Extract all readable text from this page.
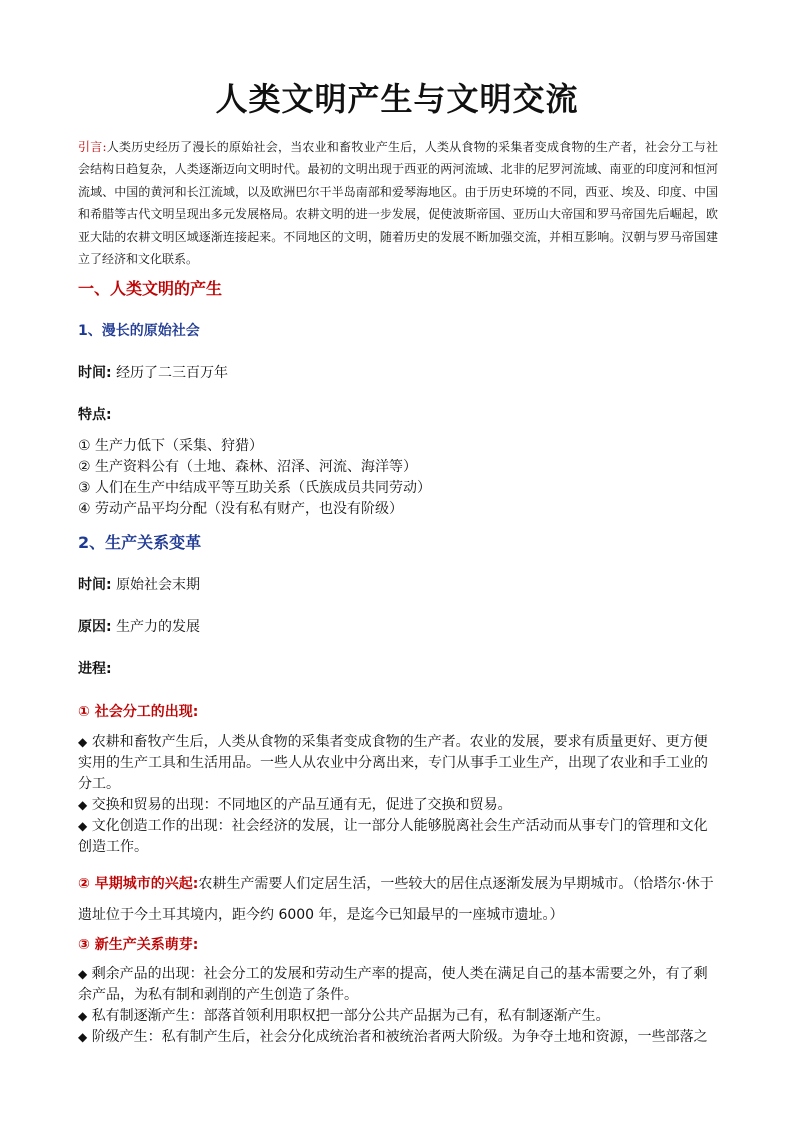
人类文明产生与文明交流
引言:人类历史经历了漫长的原始社会，当农业和畜牧业产生后，人类从食物的采集者变成食物的生产者，社会分工与社会结构日趋复杂，人类逐渐迈向文明时代。最初的文明出现于西亚的两河流域、北非的尼罗河流域、南亚的印度河和恒河流域、中国的黄河和长江流域，以及欧洲巴尔干半岛南部和爱琴海地区。由于历史环境的不同，西亚、埃及、印度、中国和希腊等古代文明呈现出多元发展格局。农耕文明的进一步发展，促使波斯帝国、亚历山大帝国和罗马帝国先后崛起，欧亚大陆的农耕文明区域逐渐连接起来。不同地区的文明，随着历史的发展不断加强交流，并相互影响。汉朝与罗马帝国建立了经济和文化联系。
一、人类文明的产生
1、漫长的原始社会
时间: 经历了二三百万年
特点:
① 生产力低下（采集、狩猎）
② 生产资料公有（土地、森林、沼泽、河流、海洋等）
③ 人们在生产中结成平等互助关系（氏族成员共同劳动）
④ 劳动产品平均分配（没有私有财产，也没有阶级）
2、生产关系变革
时间: 原始社会末期
原因: 生产力的发展
进程:
① 社会分工的出现:
◆ 农耕和畜牧产生后，人类从食物的采集者变成食物的生产者。农业的发展，要求有质量更好、更方便实用的生产工具和生活用品。一些人从农业中分离出来，专门从事手工业生产，出现了农业和手工业的分工。
◆ 交换和贸易的出现：不同地区的产品互通有无，促进了交换和贸易。
◆ 文化创造工作的出现：社会经济的发展，让一部分人能够脱离社会生产活动而从事专门的管理和文化创造工作。
② 早期城市的兴起:农耕生产需要人们定居生活，一些较大的居住点逐渐发展为早期城市。（恰塔尔·休于遗址位于今土耳其境内，距今约 6000 年，是迄今已知最早的一座城市遗址。）
③ 新生产关系萌芽:
◆ 剩余产品的出现：社会分工的发展和劳动生产率的提高，使人类在满足自己的基本需要之外，有了剩余产品，为私有制和剥削的产生创造了条件。
◆ 私有制逐渐产生：部落首领利用职权把一部分公共产品据为己有，私有制逐渐产生。
◆ 阶级产生：私有制产生后，社会分化成统治者和被统治者两大阶级。为争夺土地和资源，一些部落之
